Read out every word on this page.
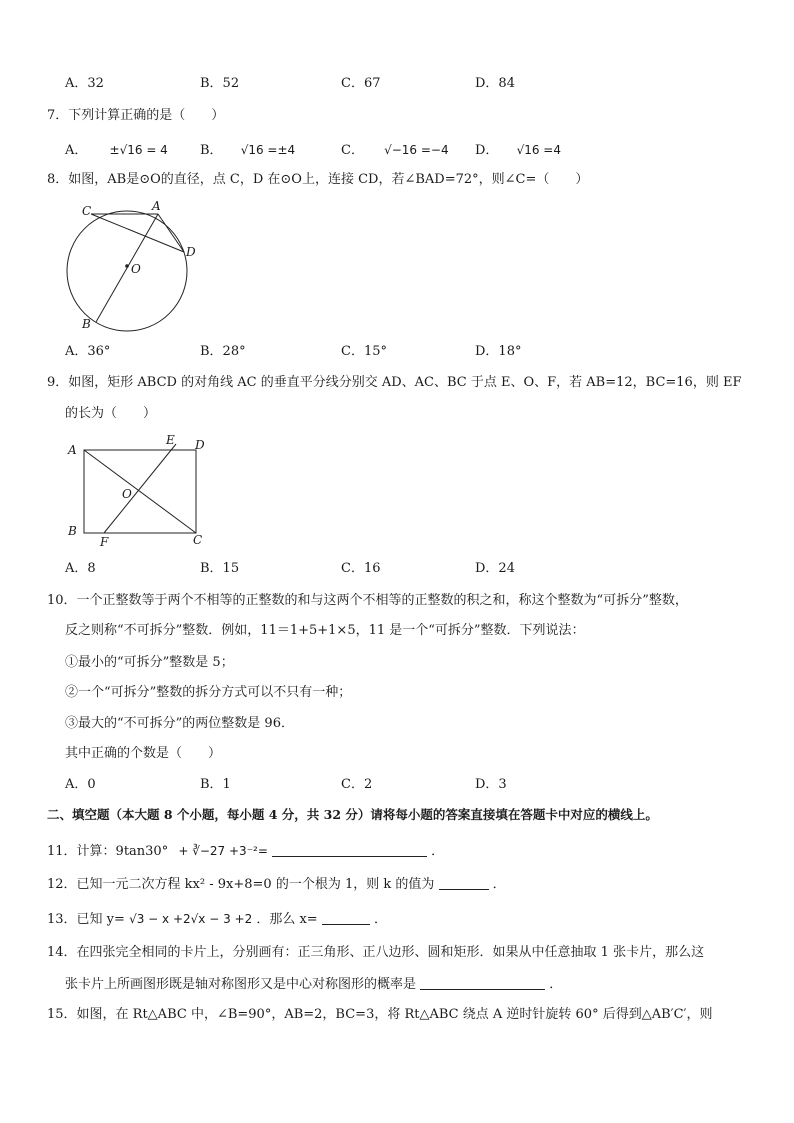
A．32	B．52	C．67	D．84
7．下列计算正确的是（　　）
A． ±√16 = 4 B． √16 =±4	C． √−16 =−4 D． √16 =4
8．如图，AB是⊙O的直径，点 C，D 在⊙O上，连接 CD，若∠BAD=72°，则∠C=（　　）
C	A
D
O
B
A．36°	B．28°	C．15°	D．18°
9．如图，矩形 ABCD 的对角线 AC 的垂直平分线分别交 AD、AC、BC 于点 E、O、F，若 AB=12，BC=16，则 EF
的长为（　　）
A
E D
O
B
F	C
A．8	B．15	C．16	D．24
10．一个正整数等于两个不相等的正整数的和与这两个不相等的正整数的积之和，称这个整数为“可拆分”整数，
反之则称“不可拆分”整数．例如，11＝1+5+1×5，11 是一个“可拆分”整数．下列说法：
①最小的“可拆分”整数是 5；
②一个“可拆分”整数的拆分方式可以不只有一种；
③最大的“不可拆分”的两位整数是 96．
其中正确的个数是（　　）
A．0	B．1	C．2	D．3
二、填空题（本大题 8 个小题，每小题 4 分，共 32 分）请将每小题的答案直接填在答题卡中对应的横线上。
11．计算：9tan30° + ∛−27 +3⁻²=	．
12．已知一元二次方程 kx² - 9x+8=0 的一个根为 1，则 k 的值为	．
13．已知 y= √3 − x +2√x − 3 +2 ．那么 x=	．
14．在四张完全相同的卡片上，分别画有：正三角形、正八边形、圆和矩形．如果从中任意抽取 1 张卡片，那么这
张卡片上所画图形既是轴对称图形又是中心对称图形的概率是	．
15．如图，在 Rt△ABC 中，∠B=90°，AB=2，BC=3，将 Rt△ABC 绕点 A 逆时针旋转 60° 后得到△AB′C′，则
